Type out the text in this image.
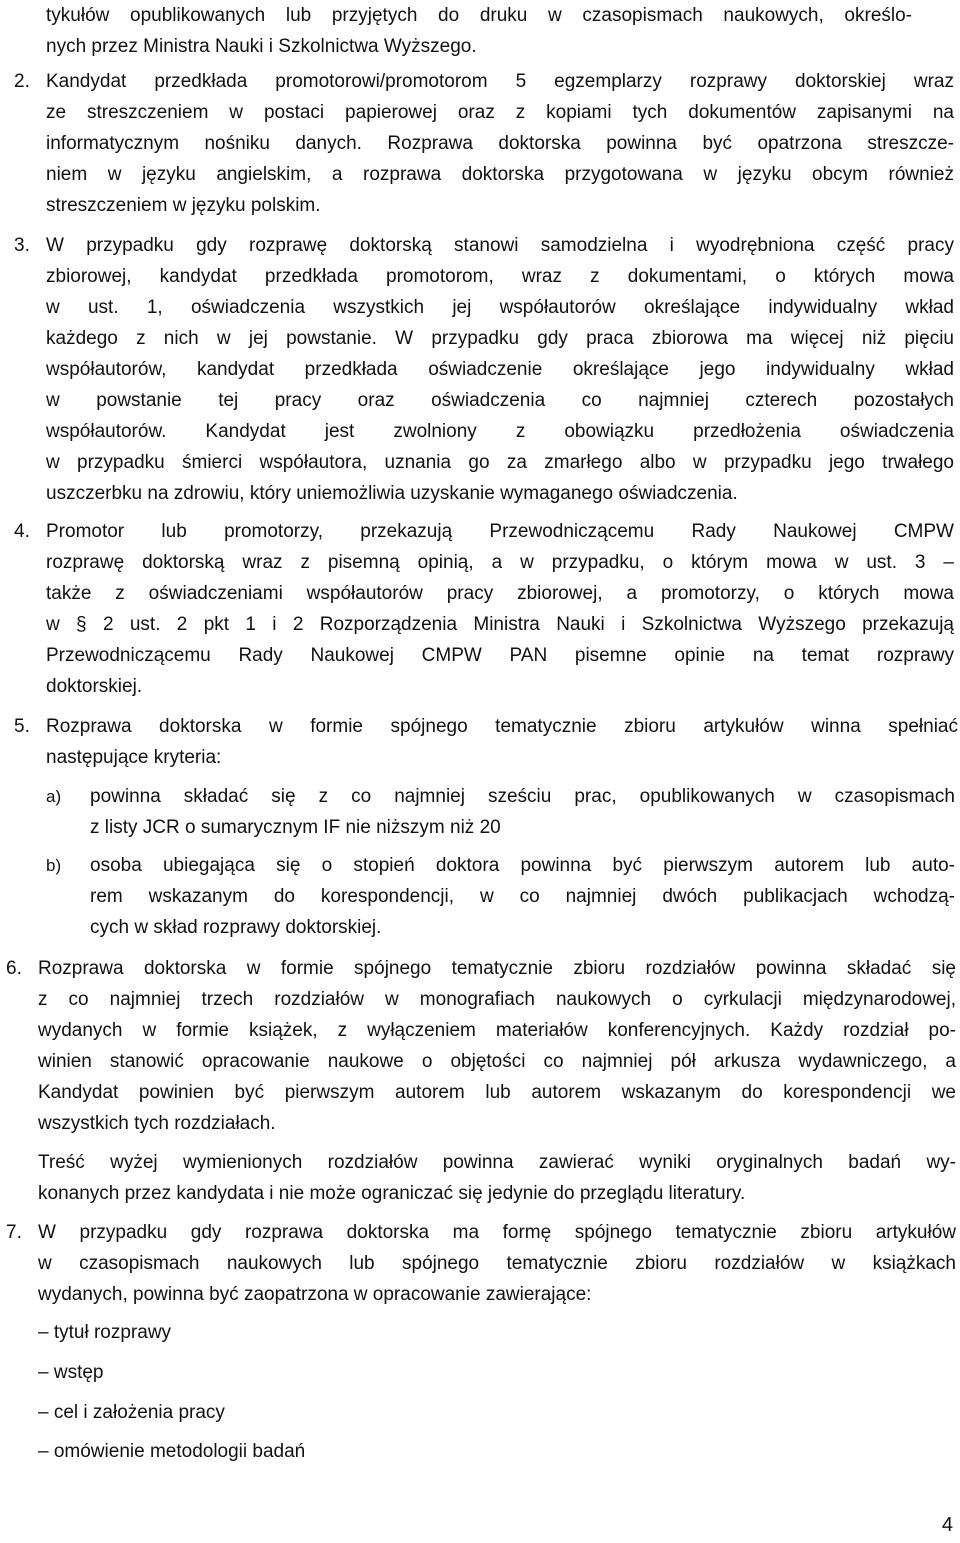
tykułów opublikowanych lub przyjętych do druku w czasopismach naukowych, określo-
nych przez Ministra Nauki i Szkolnictwa Wyższego.
2. Kandydat przedkłada promotorowi/promotorom 5 egzemplarzy rozprawy doktorskiej wraz
ze streszczeniem w postaci papierowej oraz z kopiami tych dokumentów zapisanymi na
informatycznym nośniku danych. Rozprawa doktorska powinna być opatrzona streszcze-
niem w języku angielskim, a rozprawa doktorska przygotowana w języku obcym również
streszczeniem w języku polskim.
3. W przypadku gdy rozprawę doktorską stanowi samodzielna i wyodrębniona część pracy
zbiorowej, kandydat przedkłada promotorom, wraz z dokumentami, o których mowa
w ust. 1, oświadczenia wszystkich jej współautorów określające indywidualny wkład
każdego z nich w jej powstanie. W przypadku gdy praca zbiorowa ma więcej niż pięciu
współautorów, kandydat przedkłada oświadczenie określające jego indywidualny wkład
w powstanie tej pracy oraz oświadczenia co najmniej czterech pozostałych
współautorów. Kandydat jest zwolniony z obowiązku przedłożenia oświadczenia
w przypadku śmierci współautora, uznania go za zmarłego albo w przypadku jego trwałego
uszczerbku na zdrowiu, który uniemożliwia uzyskanie wymaganego oświadczenia.
4. Promotor lub promotorzy, przekazują Przewodniczącemu Rady Naukowej CMPW
rozprawę doktorską wraz z pisemną opinią, a w przypadku, o którym mowa w ust. 3 –
także z oświadczeniami współautorów pracy zbiorowej, a promotorzy, o których mowa
w § 2 ust. 2 pkt 1 i 2 Rozporządzenia Ministra Nauki i Szkolnictwa Wyższego przekazują
Przewodniczącemu Rady Naukowej CMPW PAN pisemne opinie na temat rozprawy
doktorskiej.
5. Rozprawa doktorska w formie spójnego tematycznie zbioru artykułów winna spełniać
następujące kryteria:
a) powinna składać się z co najmniej sześciu prac, opublikowanych w czasopismach
z listy JCR o sumarycznym IF nie niższym niż 20
b) osoba ubiegająca się o stopień doktora powinna być pierwszym autorem lub auto-
rem wskazanym do korespondencji, w co najmniej dwóch publikacjach wchodzą-
cych w skład rozprawy doktorskiej.
6. Rozprawa doktorska w formie spójnego tematycznie zbioru rozdziałów powinna składać się
z co najmniej trzech rozdziałów w monografiach naukowych o cyrkulacji międzynarodowej,
wydanych w formie książek, z wyłączeniem materiałów konferencyjnych. Każdy rozdział po-
winien stanowić opracowanie naukowe o objętości co najmniej pół arkusza wydawniczego, a
Kandydat powinien być pierwszym autorem lub autorem wskazanym do korespondencji we
wszystkich tych rozdziałach.
Treść wyżej wymienionych rozdziałów powinna zawierać wyniki oryginalnych badań wy-
konanych przez kandydata i nie może ograniczać się jedynie do przeglądu literatury.
7. W przypadku gdy rozprawa doktorska ma formę spójnego tematycznie zbioru artykułów
w czasopismach naukowych lub spójnego tematycznie zbioru rozdziałów w książkach
wydanych, powinna być zaopatrzona w opracowanie zawierające:
– tytuł rozprawy
– wstęp
– cel i założenia pracy
– omówienie metodologii badań
4
